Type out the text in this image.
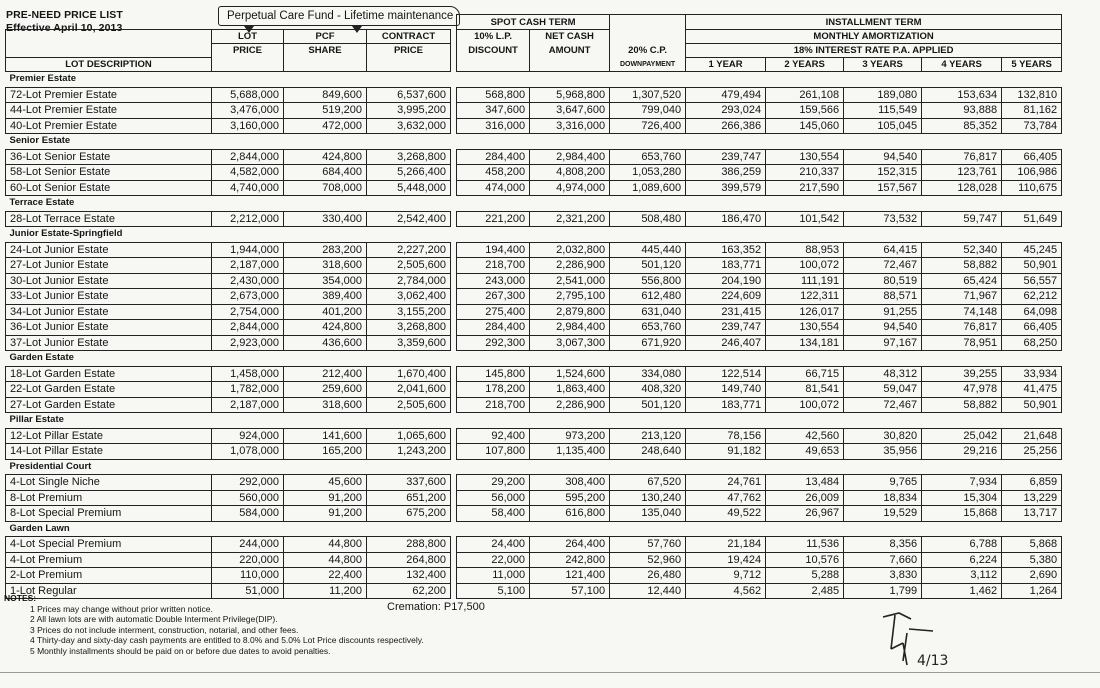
PRE-NEED PRICE LIST
Effective April 10, 2013
Perpetual Care Fund - Lifetime maintenance
					SPOT CASH TERM			INSTALLMENT TERM				
	LOT	PCF	CONTRACT		10% L.P.	NET CASH		MONTHLY AMORTIZATION				
	PRICE	SHARE	PRICE		DISCOUNT	AMOUNT	20% C.P.	18% INTEREST RATE P.A. APPLIED				
LOT DESCRIPTION							DOWNPAYMENT	1 YEAR	2 YEARS	3 YEARS	4 YEARS	5 YEARS
Premier Estate												
72-Lot Premier Estate	5,688,000	849,600	6,537,600		568,800	5,968,800	1,307,520	479,494	261,108	189,080	153,634	132,810
44-Lot Premier Estate	3,476,000	519,200	3,995,200		347,600	3,647,600	799,040	293,024	159,566	115,549	93,888	81,162
40-Lot Premier Estate	3,160,000	472,000	3,632,000		316,000	3,316,000	726,400	266,386	145,060	105,045	85,352	73,784
Senior Estate												
36-Lot Senior Estate	2,844,000	424,800	3,268,800		284,400	2,984,400	653,760	239,747	130,554	94,540	76,817	66,405
58-Lot Senior Estate	4,582,000	684,400	5,266,400		458,200	4,808,200	1,053,280	386,259	210,337	152,315	123,761	106,986
60-Lot Senior Estate	4,740,000	708,000	5,448,000		474,000	4,974,000	1,089,600	399,579	217,590	157,567	128,028	110,675
Terrace Estate												
28-Lot Terrace Estate	2,212,000	330,400	2,542,400		221,200	2,321,200	508,480	186,470	101,542	73,532	59,747	51,649
Junior Estate-Springfield												
24-Lot Junior Estate	1,944,000	283,200	2,227,200		194,400	2,032,800	445,440	163,352	88,953	64,415	52,340	45,245
27-Lot Junior Estate	2,187,000	318,600	2,505,600		218,700	2,286,900	501,120	183,771	100,072	72,467	58,882	50,901
30-Lot Junior Estate	2,430,000	354,000	2,784,000		243,000	2,541,000	556,800	204,190	111,191	80,519	65,424	56,557
33-Lot Junior Estate	2,673,000	389,400	3,062,400		267,300	2,795,100	612,480	224,609	122,311	88,571	71,967	62,212
34-Lot Junior Estate	2,754,000	401,200	3,155,200		275,400	2,879,800	631,040	231,415	126,017	91,255	74,148	64,098
36-Lot Junior Estate	2,844,000	424,800	3,268,800		284,400	2,984,400	653,760	239,747	130,554	94,540	76,817	66,405
37-Lot Junior Estate	2,923,000	436,600	3,359,600		292,300	3,067,300	671,920	246,407	134,181	97,167	78,951	68,250
Garden Estate												
18-Lot Garden Estate	1,458,000	212,400	1,670,400		145,800	1,524,600	334,080	122,514	66,715	48,312	39,255	33,934
22-Lot Garden Estate	1,782,000	259,600	2,041,600		178,200	1,863,400	408,320	149,740	81,541	59,047	47,978	41,475
27-Lot Garden Estate	2,187,000	318,600	2,505,600		218,700	2,286,900	501,120	183,771	100,072	72,467	58,882	50,901
Pillar Estate												
12-Lot Pillar Estate	924,000	141,600	1,065,600		92,400	973,200	213,120	78,156	42,560	30,820	25,042	21,648
14-Lot Pillar Estate	1,078,000	165,200	1,243,200		107,800	1,135,400	248,640	91,182	49,653	35,956	29,216	25,256
Presidential Court												
4-Lot Single Niche	292,000	45,600	337,600		29,200	308,400	67,520	24,761	13,484	9,765	7,934	6,859
8-Lot Premium	560,000	91,200	651,200		56,000	595,200	130,240	47,762	26,009	18,834	15,304	13,229
8-Lot Special Premium	584,000	91,200	675,200		58,400	616,800	135,040	49,522	26,967	19,529	15,868	13,717
Garden Lawn												
4-Lot Special Premium	244,000	44,800	288,800		24,400	264,400	57,760	21,184	11,536	8,356	6,788	5,868
4-Lot Premium	220,000	44,800	264,800		22,000	242,800	52,960	19,424	10,576	7,660	6,224	5,380
2-Lot Premium	110,000	22,400	132,400		11,000	121,400	26,480	9,712	5,288	3,830	3,112	2,690
1-Lot Regular	51,000	11,200	62,200		5,100	57,100	12,440	4,562	2,485	1,799	1,462	1,264
NOTES:
1 Prices may change without prior written notice.
2 All lawn lots are with automatic Double Interment Privilege(DIP).
3 Prices do not include interment, construction, notarial, and other fees.
4 Thirty-day and sixty-day cash payments are entitled to 8.0% and 5.0% Lot Price discounts respectively.
5 Monthly installments should be paid on or before due dates to avoid penalties.
Cremation: P17,500
4/13
